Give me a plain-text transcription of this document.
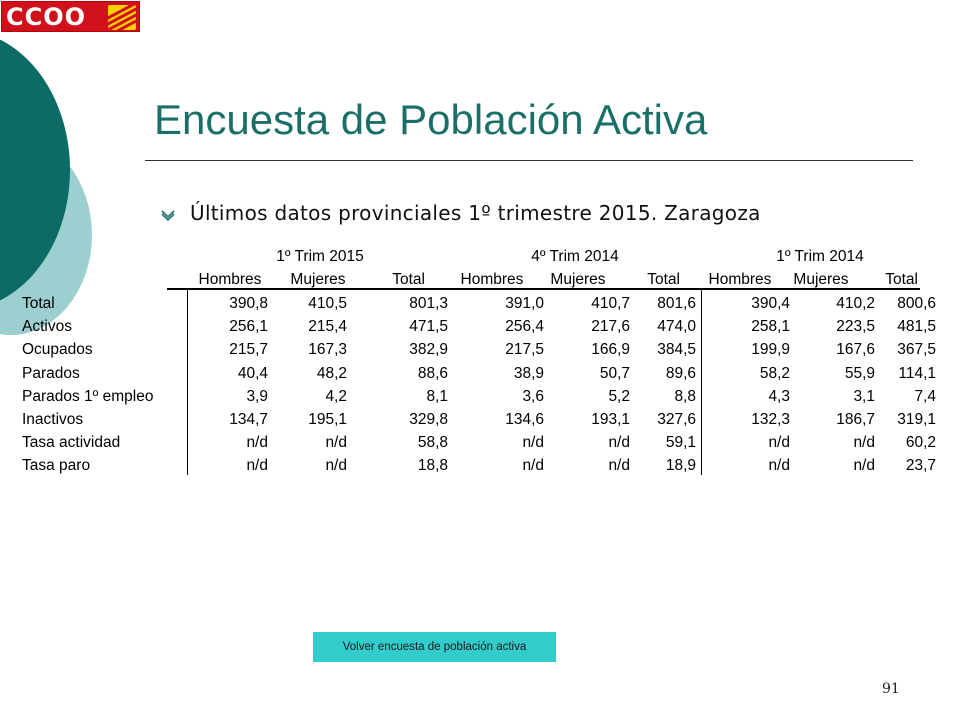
CCOO
Encuesta de Población Activa
Últimos datos provinciales 1º trimestre 2015. Zaragoza
1º Trim 2015	4º Trim 2014	1º Trim 2014
Hombres	Mujeres	Total	Hombres	Mujeres	Total	Hombres	Mujeres	Total
Total	390,8	410,5	801,3	391,0	410,7	801,6	390,4	410,2	800,6
Activos	256,1	215,4	471,5	256,4	217,6	474,0	258,1	223,5	481,5
Ocupados	215,7	167,3	382,9	217,5	166,9	384,5	199,9	167,6	367,5
Parados	40,4	48,2	88,6	38,9	50,7	89,6	58,2	55,9	114,1
Parados 1º empleo	3,9	4,2	8,1	3,6	5,2	8,8	4,3	3,1	7,4
Inactivos	134,7	195,1	329,8	134,6	193,1	327,6	132,3	186,7	319,1
Tasa actividad	n/d	n/d	58,8	n/d	n/d	59,1	n/d	n/d	60,2
Tasa paro	n/d	n/d	18,8	n/d	n/d	18,9	n/d	n/d	23,7
Volver encuesta de población activa
91
